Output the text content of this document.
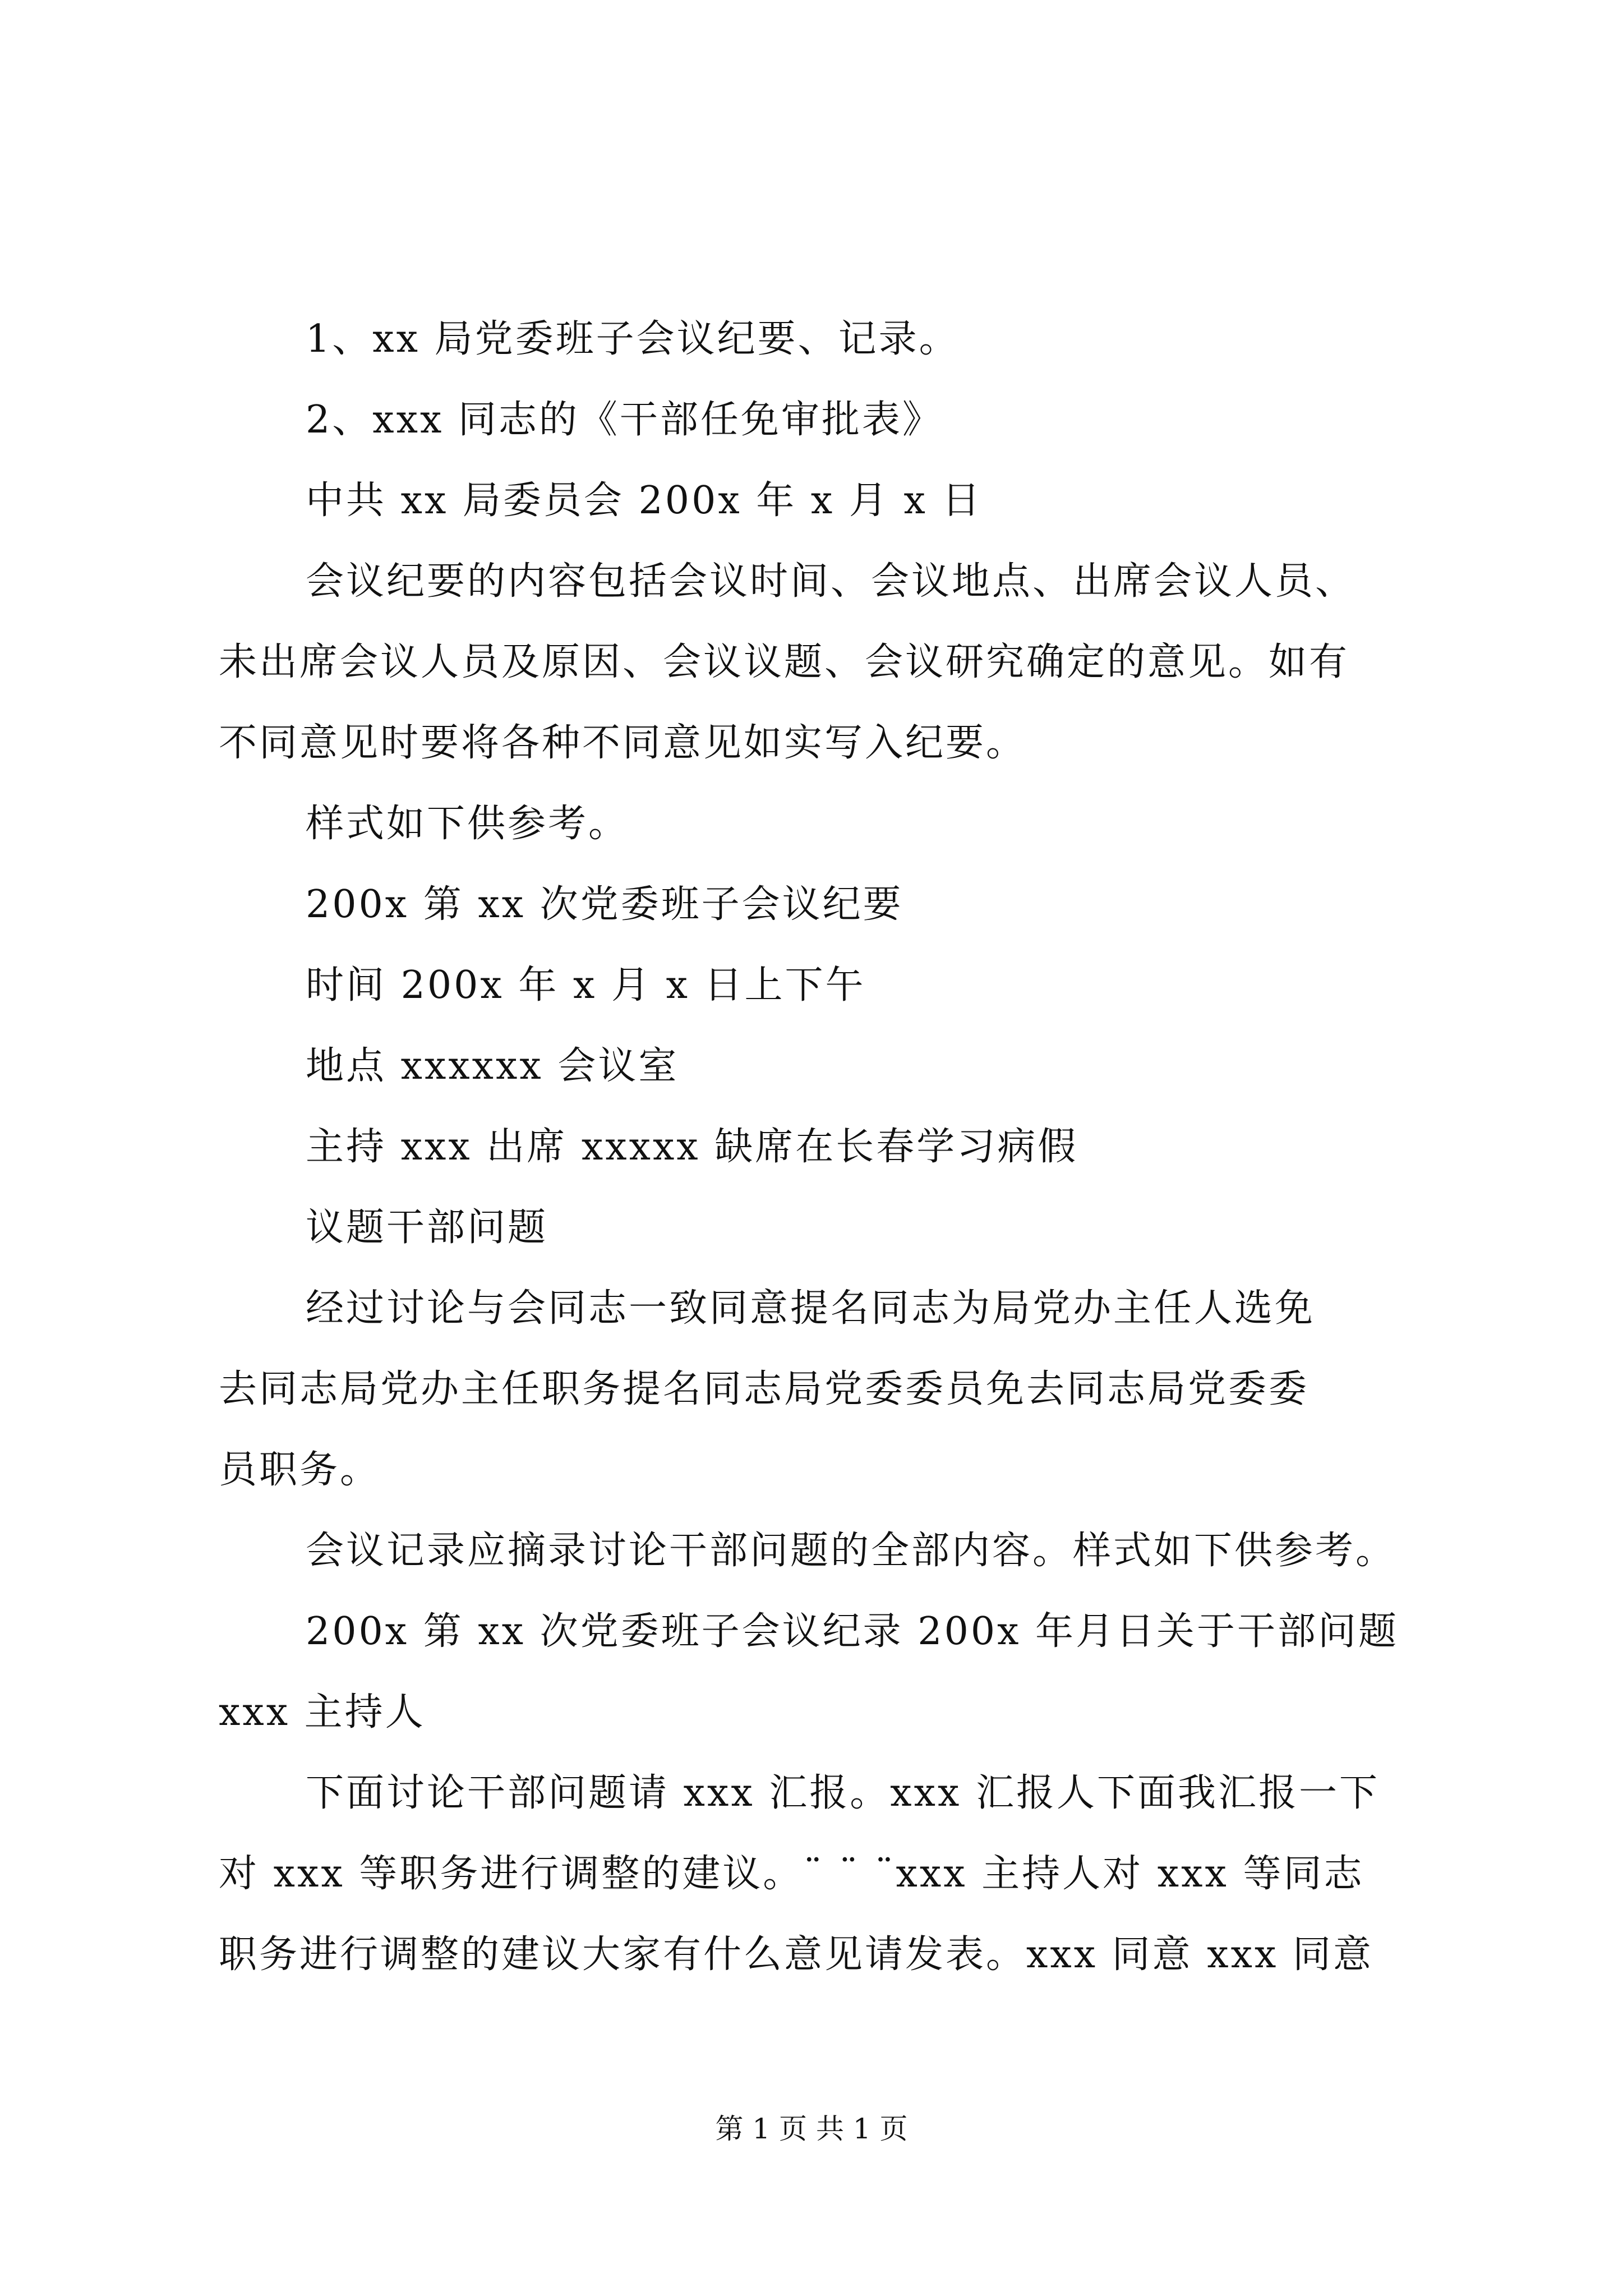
1、xx 局党委班子会议纪要、记录。
2、xxx 同志的《干部任免审批表》
中共 xx 局委员会 200x 年 x 月 x 日
会议纪要的内容包括会议时间、会议地点、出席会议人员、
未出席会议人员及原因、会议议题、会议研究确定的意见。如有
不同意见时要将各种不同意见如实写入纪要。
样式如下供参考。
200x 第 xx 次党委班子会议纪要
时间 200x 年 x 月 x 日上下午
地点 xxxxxx 会议室
主持 xxx 出席 xxxxx 缺席在长春学习病假
议题干部问题
经过讨论与会同志一致同意提名同志为局党办主任人选免
去同志局党办主任职务提名同志局党委委员免去同志局党委委
员职务。
会议记录应摘录讨论干部问题的全部内容。样式如下供参考。
200x 第 xx 次党委班子会议纪录 200x 年月日关于干部问题
xxx 主持人
下面讨论干部问题请 xxx 汇报。xxx 汇报人下面我汇报一下
对 xxx 等职务进行调整的建议。¨ ¨ ¨xxx 主持人对 xxx 等同志
职务进行调整的建议大家有什么意见请发表。xxx 同意 xxx 同意
第 1 页 共 1 页
